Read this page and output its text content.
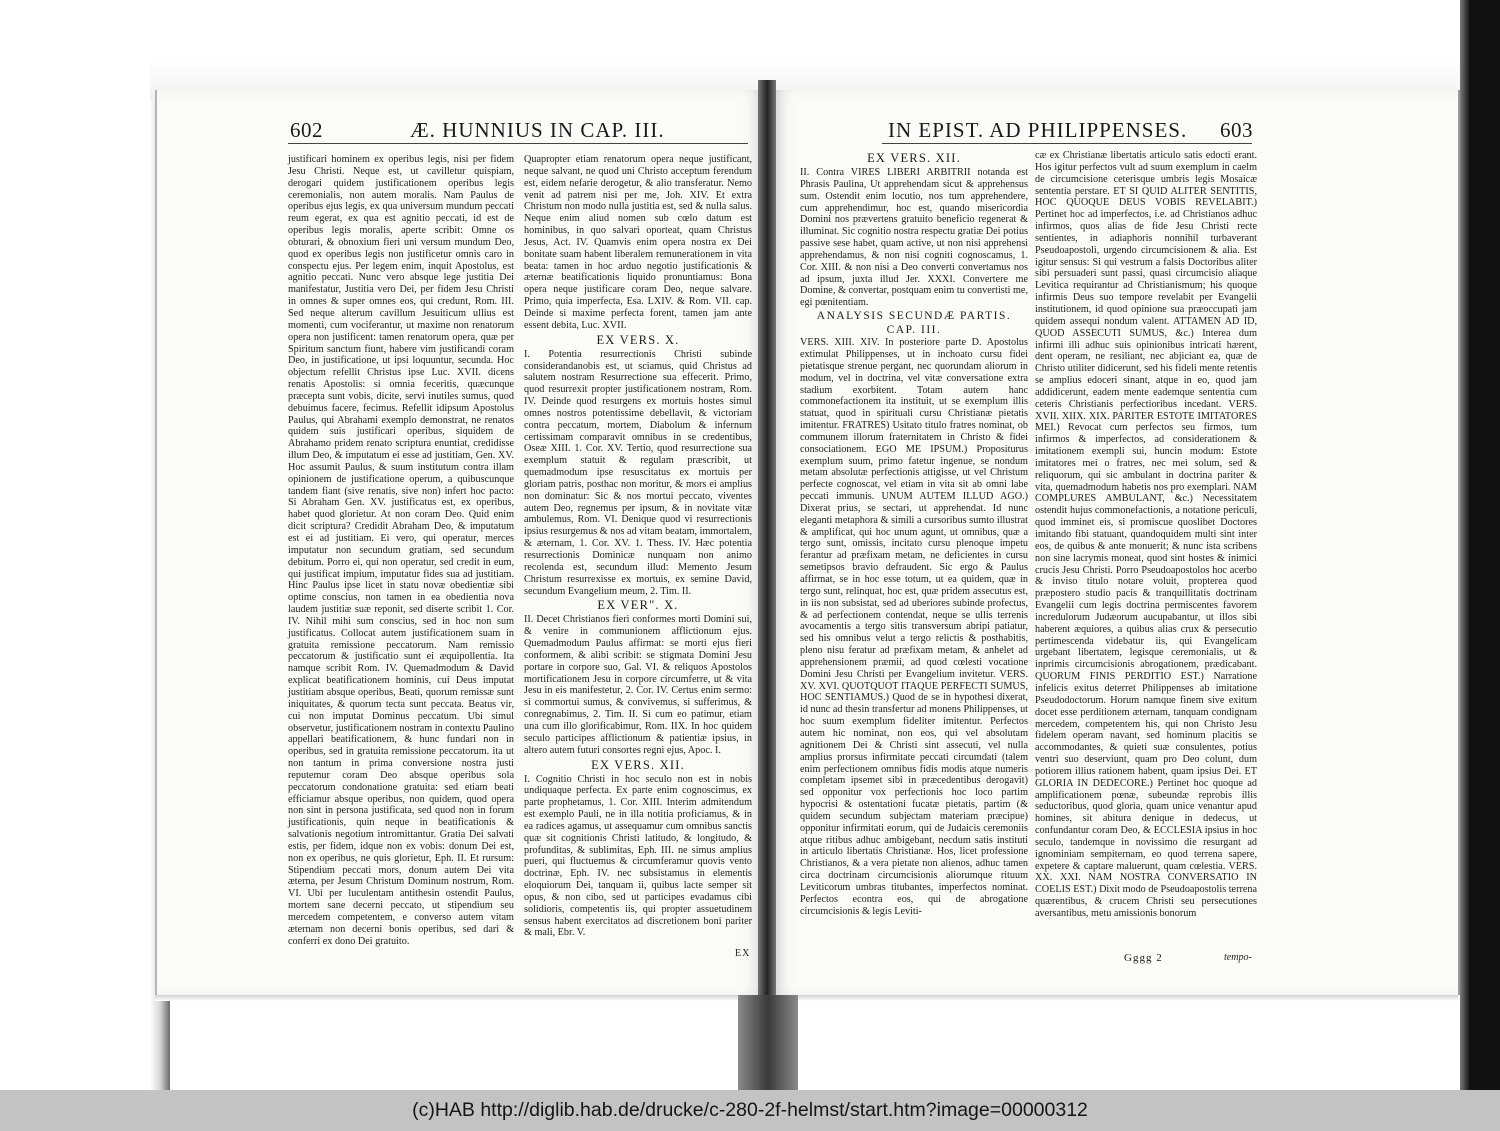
602	Æ. HUNNIUS IN CAP. III.	IN EPIST. AD PHILIPPENSES. 603

justificari hominem ex operibus legis, nisi per fidem Jesu Christi. Neque est, ut cavilletur quispiam, derogari quidem justificationem operibus legis ceremonialis, non autem moralis. Nam Paulus de operibus ejus legis, ex qua universum mundum peccati reum egerat, ex qua est agnitio peccati, id est de operibus legis moralis, aperte scribit: Omne os obturari, & obnoxium fieri uni versum mundum Deo, quod ex operibus legis non justificetur omnis caro in conspectu ejus. Per legem enim, inquit Apostolus, est agnitio peccati. Nunc vero absque lege justitia Dei manifestatur, Justitia vero Dei, per fidem Jesu Christi in omnes & super omnes eos, qui credunt, Rom. III. Sed neque alterum cavillum Jesuiticum ullius est momenti, cum vociferantur, ut maxime non renatorum opera non justificent: tamen renatorum opera, quæ per Spiritum sanctum fiunt, habere vim justificandi coram Deo, in justificatione, ut ipsi loquuntur, secunda. Hoc objectum refellit Christus ipse Luc. XVII. dicens renatis Apostolis: si omnia feceritis, quæcunque præcepta sunt vobis, dicite, servi inutiles sumus, quod debuimus facere, fecimus. Refellit idipsum Apostolus Paulus, qui Abrahami exemplo demonstrat, ne renatos quidem suis justificari operibus, siquidem de Abrahamo pridem renato scriptura enuntiat, credidisse illum Deo, & imputatum ei esse ad justitiam, Gen. XV. Hoc assumit Paulus, & suum institutum contra illam opinionem de justificatione operum, a quibuscunque tandem fiant (sive renatis, sive non) infert hoc pacto: Si Abraham Gen. XV. justificatus est, ex operibus, habet quod glorietur. At non coram Deo. Quid enim dicit scriptura? Credidit Abraham Deo, & imputatum est ei ad justitiam. Ei vero, qui operatur, merces imputatur non secundum gratiam, sed secundum debitum. Porro ei, qui non operatur, sed credit in eum, qui justificat impium, imputatur fides sua ad justitiam. Hinc Paulus ipse licet in statu novæ obedientiæ sibi optime conscius, non tamen in ea obedientia nova laudem justitiæ suæ reponit, sed diserte scribit 1. Cor. IV. Nihil mihi sum conscius, sed in hoc non sum justificatus. Collocat autem justificationem suam in gratuita remissione peccatorum. Nam remissio peccatorum & justificatio sunt ei æquipollentia. Ita namque scribit Rom. IV. Quemadmodum & David explicat beatificationem hominis, cui Deus imputat justitiam absque operibus, Beati, quorum remissæ sunt iniquitates, & quorum tecta sunt peccata. Beatus vir, cui non imputat Dominus peccatum. Ubi simul observetur, justificationem nostram in contextu Paulino appellari beatificationem, & hunc fundari non in operibus, sed in gratuita remissione peccatorum. ita ut non tantum in prima conversione nostra justi reputemur coram Deo absque operibus sola peccatorum condonatione gratuita: sed etiam beati efficiamur absque operibus, non quidem, quod opera non sint in persona justificata, sed quod non in forum justificationis, quin neque in beatificationis & salvationis negotium intromittantur. Gratia Dei salvati estis, per fidem, idque non ex vobis: donum Dei est, non ex operibus, ne quis glorietur, Eph. II. Et rursum: Stipendium peccati mors, donum autem Dei vita æterna, per Jesum Christum Dominum nostrum, Rom. VI. Ubi per luculentam antithesin ostendit Paulus, mortem sane decerni peccato, ut stipendium seu mercedem competentem, e converso autem vitam æternam non decerni bonis operibus, sed dari & conferri ex dono Dei gratuito.

Quapropter etiam renatorum opera neque justificant, neque salvant, ne quod uni Christo acceptum ferendum est, eidem nefarie derogetur, & alio transferatur. Nemo venit ad patrem nisi per me, Joh. XIV. Et extra Christum non modo nulla justitia est, sed & nulla salus. Neque enim aliud nomen sub cœlo datum est hominibus, in quo salvari oporteat, quam Christus Jesus, Act. IV. Quamvis enim opera nostra ex Dei bonitate suam habent liberalem remunerationem in vita beata: tamen in hoc arduo negotio justificationis & æternæ beatificationis liquido pronuntiamus: Bona opera neque justificare coram Deo, neque salvare. Primo, quia imperfecta, Esa. LXIV. & Rom. VII. cap. Deinde si maxime perfecta forent, tamen jam ante essent debita, Luc. XVII.

EX VERS. X.

I. Potentia resurrectionis Christi subinde considerandanobis est, ut sciamus, quid Christus ad salutem nostram Resurrectione sua effecerit. Primo, quod resurrexit propter justificationem nostram, Rom. IV. Deinde quod resurgens ex mortuis hostes simul omnes nostros potentissime debellavit, & victoriam contra peccatum, mortem, Diabolum & infernum certissimam comparavit omnibus in se credentibus, Oseæ XIII. 1. Cor. XV. Tertio, quod resurrectione sua exemplum statuit & regulam præscribit, ut quemadmodum ipse resuscitatus ex mortuis per gloriam patris, posthac non moritur, & mors ei amplius non dominatur: Sic & nos mortui peccato, viventes autem Deo, regnemus per ipsum, & in novitate vitæ ambulemus, Rom. VI. Denique quod vi resurrectionis ipsius resurgemus & nos ad vitam beatam, immortalem, & æternam, 1. Cor. XV. 1. Thess. IV. Hæc potentia resurrectionis Dominicæ nunquam non animo recolenda est, secundum illud: Memento Jesum Christum resurrexisse ex mortuis, ex semine David, secundum Evangelium meum, 2. Tim. II.

EX VER". X.

II. Decet Christianos fieri conformes morti Domini sui, & venire in communionem afflictionum ejus. Quemadmodum Paulus affirmat: se morti ejus fieri conformem, & alibi scribit: se stigmata Domini Jesu portare in corpore suo, Gal. VI. & reliquos Apostolos mortificationem Jesu in corpore circumferre, ut & vita Jesu in eis manifestetur, 2. Cor. IV. Certus enim sermo: si commortui sumus, & convivemus, si sufferimus, & conregnabimus, 2. Tim. II. Si cum eo patimur, etiam una cum illo glorificabimur, Rom. IIX. In hoc quidem seculo participes afflictionum & patientiæ ipsius, in altero autem futuri consortes regni ejus, Apoc. I.

EX VERS. XII.

I. Cognitio Christi in hoc seculo non est in nobis undiquaque perfecta. Ex parte enim cognoscimus, ex parte prophetamus, 1. Cor. XIII. Interim admitendum est exemplo Pauli, ne in illa notitia proficiamus, & in ea radices agamus, ut assequamur cum omnibus sanctis quæ sit cognitionis Christi latitudo, & longitudo, & profunditas, & sublimitas, Eph. III. ne simus amplius pueri, qui fluctuemus & circumferamur quovis vento doctrinæ, Eph. IV. nec subsistamus in elementis eloquiorum Dei, tanquam ii, quibus lacte semper sit opus, & non cibo, sed ut participes evadamus cibi solidioris, competentis iis, qui propter assuetudinem sensus habent exercitatos ad discretionem boni pariter & mali, Ebr. V.

EX
EX VERS. XII.

II. Contra VIRES LIBERI ARBITRII notanda est Phrasis Paulina, Ut apprehendam sicut & apprehensus sum. Ostendit enim locutio, nos tum apprehendere, cum apprehendimur, hoc est, quando misericordia Domini nos prævertens gratuito beneficio regenerat & illuminat. Sic cognitio nostra respectu gratiæ Dei potius passive sese habet, quam active, ut non nisi apprehensi apprehendamus, & non nisi cogniti cognoscamus, 1. Cor. XIII. & non nisi a Deo converti convertamus nos ad ipsum, juxta illud Jer. XXXI. Convertere me Domine, & convertar, postquam enim tu convertisti me, egi pœnitentiam.

ANALYSIS SECUNDÆ PARTIS.
CAP. III.

VERS. XIII. XIV. In posteriore parte D. Apostolus extimulat Philippenses, ut in inchoato cursu fidei pietatisque strenue pergant, nec quorundam aliorum in modum, vel in doctrina, vel vitæ conversatione extra stadium exorbitent. Totam autem hanc commonefactionem ita instituit, ut se exemplum illis statuat, quod in spirituali cursu Christianæ pietatis imitentur. FRATRES) Usitato titulo fratres nominat, ob communem illorum fraternitatem in Christo & fidei consociationem. EGO ME IPSUM.) Propositurus exemplum suum, primo fatetur ingenue, se nondum metam absolutæ perfectionis attigisse, ut vel Christum perfecte cognoscat, vel etiam in vita sit ab omni labe peccati immunis. UNUM AUTEM ILLUD AGO.) Dixerat prius, se sectari, ut apprehendat. Id nunc eleganti metaphora & simili a cursoribus sumto illustrat & amplificat, qui hoc unum agunt, ut omnibus, quæ a tergo sunt, omissis, incitato cursu plenoque impetu ferantur ad præfixam metam, ne deficientes in cursu semetipsos bravio defraudent. Sic ergo & Paulus affirmat, se in hoc esse totum, ut ea quidem, quæ in tergo sunt, relinquat, hoc est, quæ pridem assecutus est, in iis non subsistat, sed ad uberiores subinde profectus, & ad perfectionem contendat, neque se ullis terrenis avocamentis a tergo sitis transversum abripi patiatur, sed his omnibus velut a tergo relictis & posthabitis, pleno nisu feratur ad præfixam metam, & anhelet ad apprehensionem præmii, ad quod cœlesti vocatione Domini Jesu Christi per Evangelium invitetur. VERS. XV. XVI. QUOTQUOT ITAQUE PERFECTI SUMUS, HOC SENTIAMUS.) Quod de se in hypothesi dixerat, id nunc ad thesin transfertur ad monens Philippenses, ut hoc suum exemplum fideliter imitentur. Perfectos autem hic nominat, non eos, qui vel absolutam agnitionem Dei & Christi sint assecuti, vel nulla amplius prorsus infirmitate peccati circumdati (talem enim perfectionem omnibus fidis modis atque numeris completam ipsemet sibi in præcedentibus derogavit) sed opponitur vox perfectionis hoc loco partim hypocrisi & ostentationi fucatæ pietatis, partim (& quidem secundum subjectam materiam præcipue) opponitur infirmitati eorum, qui de Judaicis ceremoniis atque ritibus adhuc ambigebant, necdum satis instituti in articulo libertatis Christianæ. Hos, licet professione Christianos, & a vera pietate non alienos, adhuc tamen circa doctrinam circumcisionis aliorumque rituum Leviticorum umbras titubantes, imperfectos nominat. Perfectos econtra eos, qui de abrogatione circumcisionis & legis Leviti-

cæ ex Christianæ libertatis articulo satis edocti erant. Hos igitur perfectos vult ad suum exemplum in caelm de circumcisione ceterisque umbris legis Mosaicæ sententia perstare. ET SI QUID ALITER SENTITIS, HOC QUOQUE DEUS VOBIS REVELABIT.) Pertinet hoc ad imperfectos, i.e. ad Christianos adhuc infirmos, quos alias de fide Jesu Christi recte sentientes, in adiaphoris nonnihil turbaverant Pseudoapostoli, urgendo circumcisionem & alia. Est igitur sensus: Si qui vestrum a falsis Doctoribus aliter sibi persuaderi sunt passi, quasi circumcisio aliaque Levitica requirantur ad Christianismum; his quoque infirmis Deus suo tempore revelabit per Evangelii institutionem, id quod opinione sua præoccupati jam quidem assequi nondum valent. ATTAMEN AD ID, QUOD ASSECUTI SUMUS, &c.) Interea dum infirmi illi adhuc suis opinionibus intricati hærent, dent operam, ne resiliant, nec abjiciant ea, quæ de Christo utiliter didicerunt, sed his fideli mente retentis se amplius edoceri sinant, atque in eo, quod jam addidicerunt, eadem mente eademque sententia cum ceteris Christianis perfectioribus incedant. VERS. XVII. XIIX. XIX. PARITER ESTOTE IMITATORES MEI.) Revocat cum perfectos seu firmos, tum infirmos & imperfectos, ad considerationem & imitationem exempli sui, huncin modum: Estote imitatores mei o fratres, nec mei solum, sed & reliquorum, qui sic ambulant in doctrina pariter & vita, quemadmodum habetis nos pro exemplari. NAM COMPLURES AMBULANT, &c.) Necessitatem ostendit hujus commonefactionis, a notatione periculi, quod imminet eis, si promiscue quoslibet Doctores imitando fibi statuant, quandoquidem multi sint inter eos, de quibus & ante monuerit; & nunc ista scribens non sine lacrymis moneat, quod sint hostes & inimici crucis Jesu Christi. Porro Pseudoapostolos hoc acerbo & inviso titulo notare voluit, propterea quod præpostero studio pacis & tranquillitatis doctrinam Evangelii cum legis doctrina permiscentes favorem incredulorum Judæorum aucupabantur, ut illos sibi haberent æquiores, a quibus alias crux & persecutio pertimescenda videbatur iis, qui Evangelicam urgebant libertatem, legisque ceremonialis, ut & inprimis circumcisionis abrogationem, prædicabant. QUORUM FINIS PERDITIO EST.) Narratione infelicis exitus deterret Philippenses ab imitatione Pseudodoctorum. Horum namque finem sive exitum docet esse perditionem æternam, tanquam condignam mercedem, competentem his, qui non Christo Jesu fidelem operam navant, sed hominum placitis se accommodantes, & quieti suæ consulentes, potius ventri suo deserviunt, quam pro Deo colunt, dum potiorem illius rationem habent, quam ipsius Dei. ET GLORIA IN DEDECORE.) Pertinet hoc quoque ad amplificationem pœnæ, subeundæ reprobis illis seductoribus, quod gloria, quam unice venantur apud homines, sit abitura denique in dedecus, ut confundantur coram Deo, & ECCLESIA ipsius in hoc seculo, tandemque in novissimo die resurgant ad ignominiam sempiternam, eo quod terrena sapere, expetere & captare maluerunt, quam cœlestia. VERS. XX. XXI. NAM NOSTRA CONVERSATIO IN COELIS EST.) Dixit modo de Pseudoapostolis terrena quærentibus, & crucem Christi seu persecutiones aversantibus, metu amissionis bonorum

Gggg 2	tempo-
(c)HAB http://diglib.hab.de/drucke/c-280-2f-helmst/start.htm?image=00000312
